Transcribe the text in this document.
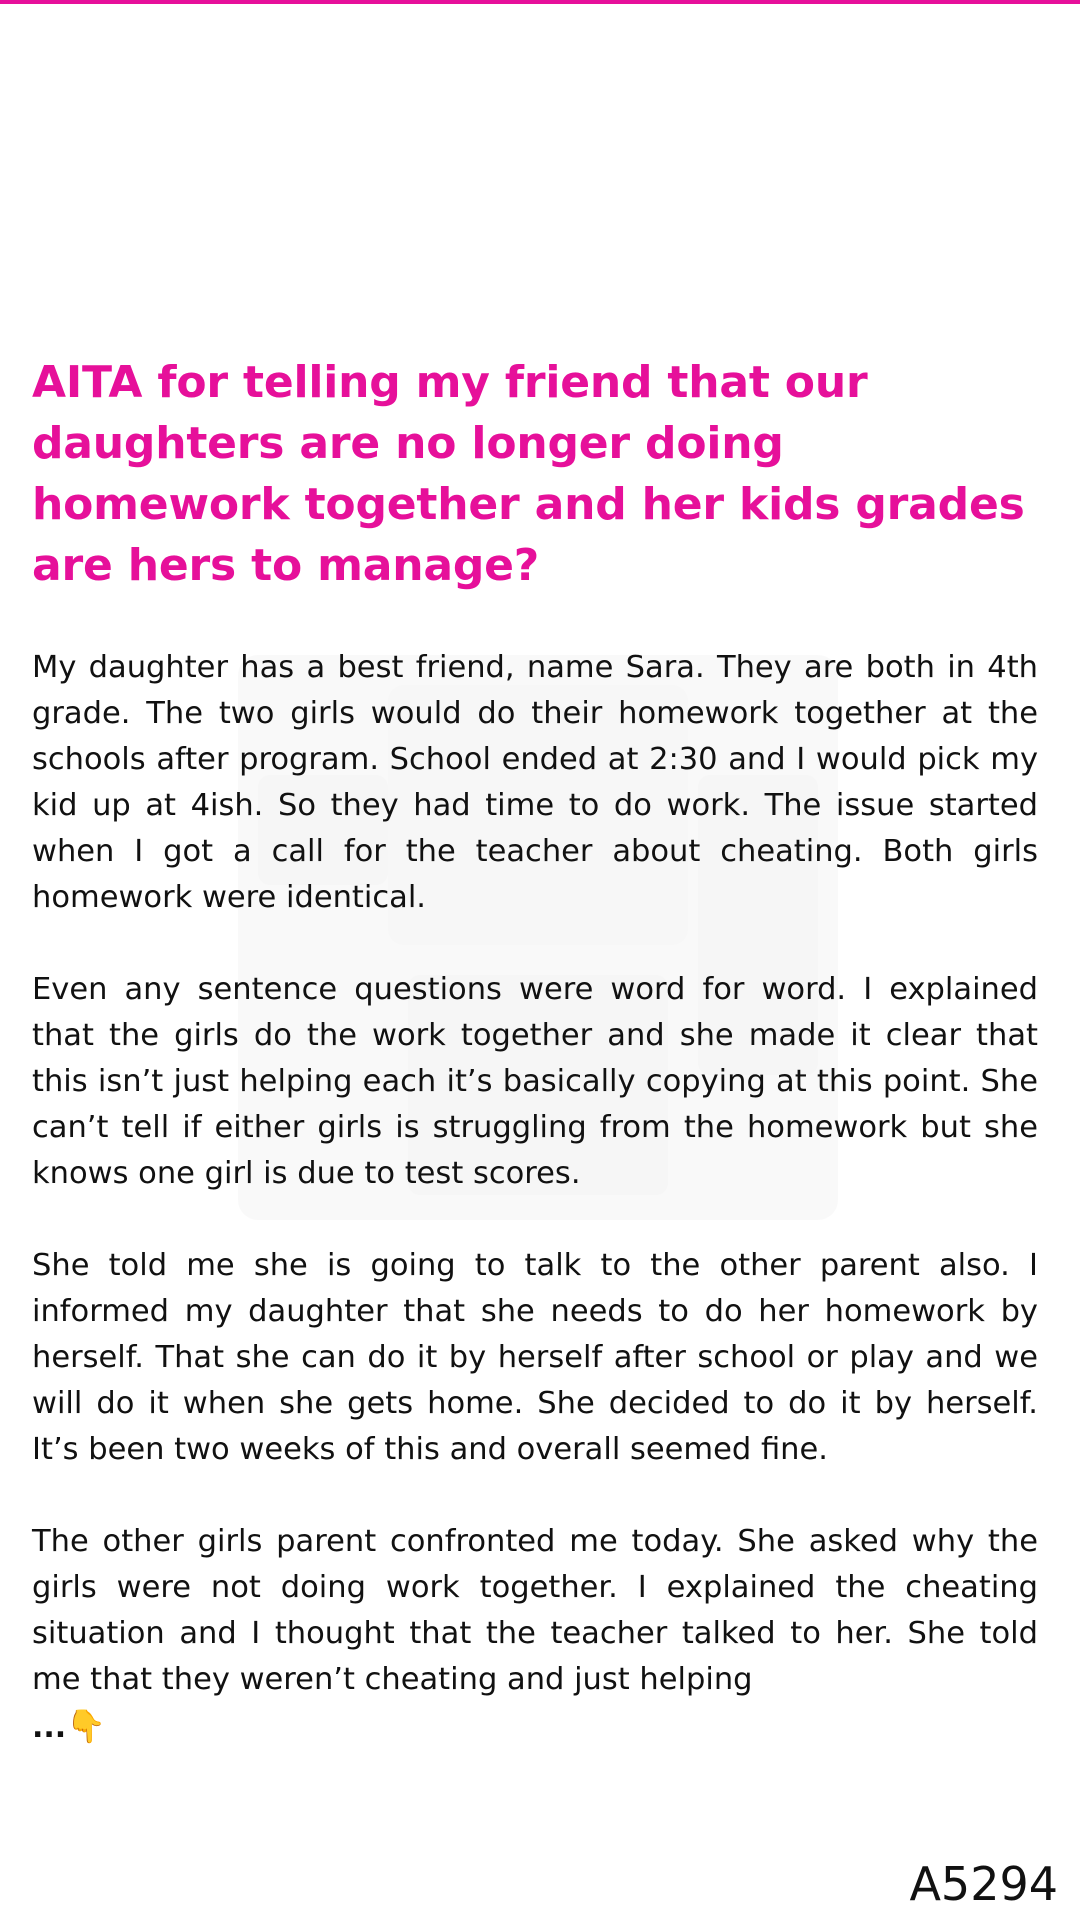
AITA for telling my friend that our daughters are no longer doing homework together and her kids grades are hers to manage?

My daughter has a best friend, name Sara. They are both in 4th grade. The two girls would do their homework together at the schools after program. School ended at 2:30 and I would pick my kid up at 4ish. So they had time to do work. The issue started when I got a call for the teacher about cheating. Both girls homework were identical.

Even any sentence questions were word for word. I explained that the girls do the work together and she made it clear that this isn’t just helping each it’s basically copying at this point. She can’t tell if either girls is struggling from the homework but she knows one girl is due to test scores.

She told me she is going to talk to the other parent also. I informed my daughter that she needs to do her homework by herself. That she can do it by herself after school or play and we will do it when she gets home. She decided to do it by herself. It’s been two weeks of this and overall seemed fine.

The other girls parent confronted me today. She asked why the girls were not doing work together. I explained the cheating situation and I thought that the teacher talked to her. She told me that they weren’t cheating and just helping

...👇
A5294
